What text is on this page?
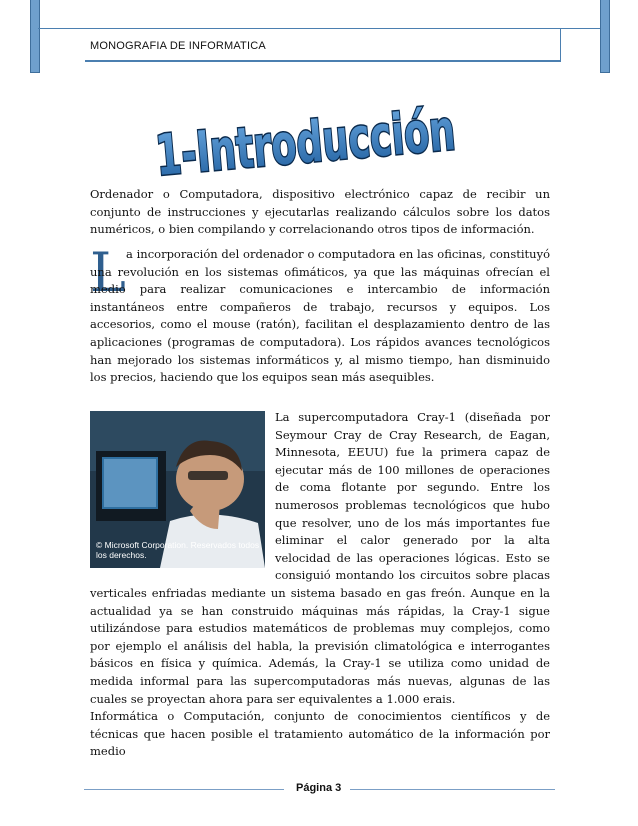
MONOGRAFIA DE INFORMATICA
1-Introducción

Ordenador o Computadora, dispositivo electrónico capaz de recibir un conjunto de instrucciones y ejecutarlas realizando cálculos sobre los datos numéricos, o bien compilando y correlacionando otros tipos de información.

L a incorporación del ordenador o computadora en las oficinas, constituyó una revolución en los sistemas ofimáticos, ya que las máquinas ofrecían el medio para realizar comunicaciones e intercambio de información instantáneos entre compañeros de trabajo, recursos y equipos. Los accesorios, como el mouse (ratón), facilitan el desplazamiento dentro de las aplicaciones (programas de computadora). Los rápidos avances tecnológicos han mejorado los sistemas informáticos y, al mismo tiempo, han disminuido los precios, haciendo que los equipos sean más asequibles.

© Microsoft Corporation. Reservados todos los derechos.

La supercomputadora Cray-1 (diseñada por Seymour Cray de Cray Research, de Eagan, Minnesota, EEUU) fue la primera capaz de ejecutar más de 100 millones de operaciones de coma flotante por segundo. Entre los numerosos problemas tecnológicos que hubo que resolver, uno de los más importantes fue eliminar el calor generado por la alta velocidad de las operaciones lógicas. Esto se consiguió montando los circuitos sobre placas verticales enfriadas mediante un sistema basado en gas freón. Aunque en la actualidad ya se han construido máquinas más rápidas, la Cray-1 sigue utilizándose para estudios matemáticos de problemas muy complejos, como por ejemplo el análisis del habla, la previsión climatológica e interrogantes básicos en física y química. Además, la Cray-1 se utiliza como unidad de medida informal para las supercomputadoras más nuevas, algunas de las cuales se proyectan ahora para ser equivalentes a 1.000 erais.

Informática o Computación, conjunto de conocimientos científicos y de técnicas que hacen posible el tratamiento automático de la información por medio

Página 3
